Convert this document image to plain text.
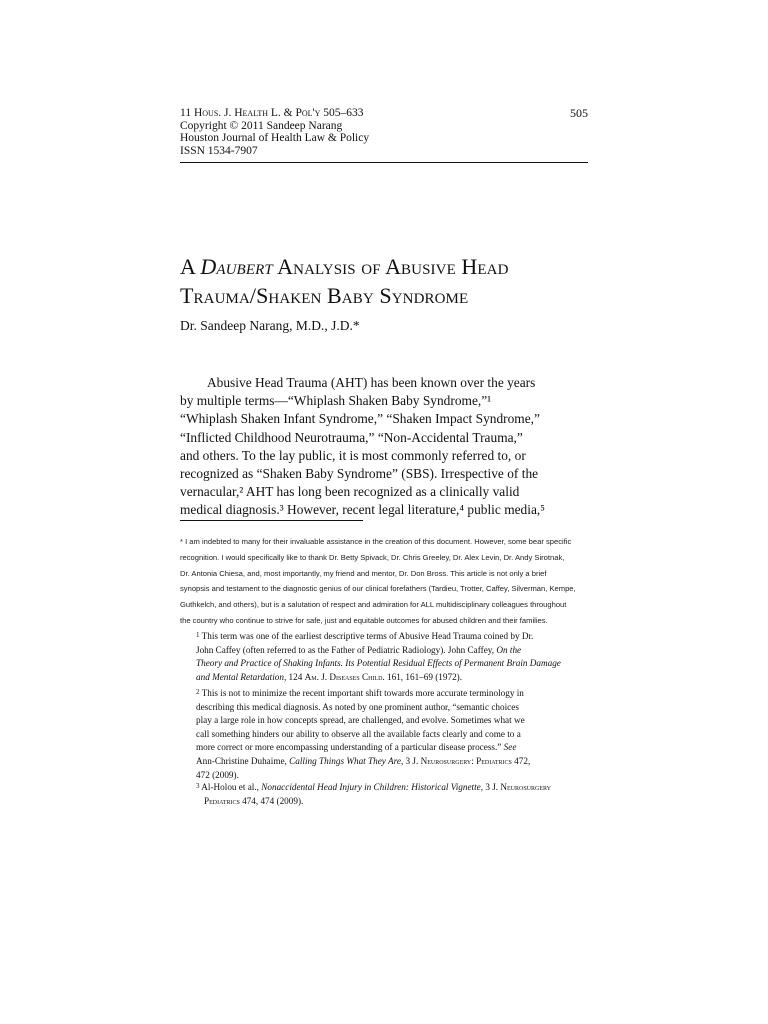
11 Hous. J. Health L. & Pol'y 505–633
Copyright © 2011 Sandeep Narang
Houston Journal of Health Law & Policy
ISSN 1534-7907
505
A Daubert Analysis of Abusive Head
Trauma/Shaken Baby Syndrome
Dr. Sandeep Narang, M.D., J.D.*
Abusive Head Trauma (AHT) has been known over the years
by multiple terms—“Whiplash Shaken Baby Syndrome,”¹
“Whiplash Shaken Infant Syndrome,” “Shaken Impact Syndrome,”
“Inflicted Childhood Neurotrauma,” “Non-Accidental Trauma,”
and others. To the lay public, it is most commonly referred to, or
recognized as “Shaken Baby Syndrome” (SBS). Irrespective of the
vernacular,² AHT has long been recognized as a clinically valid
medical diagnosis.³ However, recent legal literature,⁴ public media,⁵
* I am indebted to many for their invaluable assistance in the creation of this document. However, some bear specific
recognition. I would specifically like to thank Dr. Betty Spivack, Dr. Chris Greeley, Dr. Alex Levin, Dr. Andy Sirotnak,
Dr. Antonia Chiesa, and, most importantly, my friend and mentor, Dr. Don Bross. This article is not only a brief
synopsis and testament to the diagnostic genius of our clinical forefathers (Tardieu, Trotter, Caffey, Silverman, Kempe,
Guthkelch, and others), but is a salutation of respect and admiration for ALL multidisciplinary colleagues throughout
the country who continue to strive for safe, just and equitable outcomes for abused children and their families.
$^1$ This term was one of the earliest descriptive terms of Abusive Head Trauma coined by Dr.
John Caffey (often referred to as the Father of Pediatric Radiology). John Caffey, On the
Theory and Practice of Shaking Infants. Its Potential Residual Effects of Permanent Brain Damage
and Mental Retardation, 124 Am. J. Diseases Child. 161, 161–69 (1972).
$^2$ This is not to minimize the recent important shift towards more accurate terminology in
describing this medical diagnosis. As noted by one prominent author, “semantic choices
play a large role in how concepts spread, are challenged, and evolve. Sometimes what we
call something hinders our ability to observe all the available facts clearly and come to a
more correct or more encompassing understanding of a particular disease process.” See
Ann-Christine Duhaime, Calling Things What They Are, 3 J. Neurosurgery: Pediatrics 472,
472 (2009).
$^3$ Al-Holou et al., Nonaccidental Head Injury in Children: Historical Vignette, 3 J. Neurosurgery
Pediatrics 474, 474 (2009).
